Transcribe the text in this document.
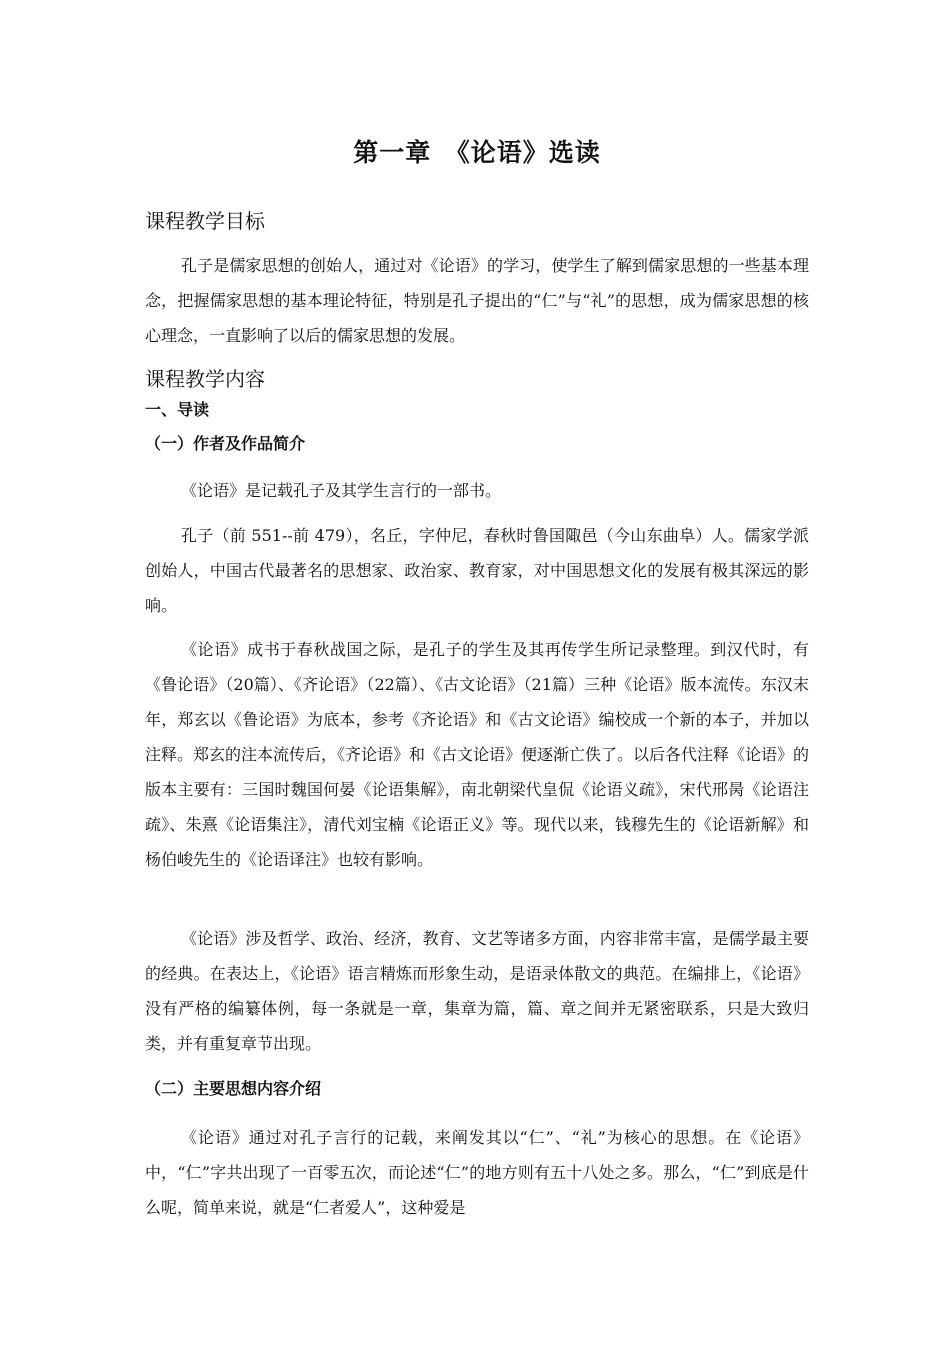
第一章　《论语》选读
课程教学目标

孔子是儒家思想的创始人，通过对《论语》的学习，使学生了解到儒家思想的一些基本理念，把握儒家思想的基本理论特征，特别是孔子提出的“仁”与“礼”的思想，成为儒家思想的核心理念，一直影响了以后的儒家思想的发展。

课程教学内容
一、导读
（一）作者及作品简介

《论语》是记载孔子及其学生言行的一部书。

孔子（前 551--前 479），名丘，字仲尼，春秋时鲁国陬邑（今山东曲阜）人。儒家学派创始人，中国古代最著名的思想家、政治家、教育家，对中国思想文化的发展有极其深远的影响。

《论语》成书于春秋战国之际，是孔子的学生及其再传学生所记录整理。到汉代时，有《鲁论语》（20篇）、《齐论语》（22篇）、《古文论语》（21篇）三种《论语》版本流传。东汉末年，郑玄以《鲁论语》为底本，参考《齐论语》和《古文论语》编校成一个新的本子，并加以注释。郑玄的注本流传后，《齐论语》和《古文论语》便逐渐亡佚了。以后各代注释《论语》的版本主要有：三国时魏国何晏《论语集解》，南北朝梁代皇侃《论语义疏》，宋代邢昺《论语注疏》、朱熹《论语集注》，清代刘宝楠《论语正义》等。现代以来，钱穆先生的《论语新解》和杨伯峻先生的《论语译注》也较有影响。

《论语》涉及哲学、政治、经济，教育、文艺等诸多方面，内容非常丰富，是儒学最主要的经典。在表达上，《论语》语言精炼而形象生动，是语录体散文的典范。在编排上，《论语》没有严格的编纂体例，每一条就是一章，集章为篇，篇、章之间并无紧密联系，只是大致归类，并有重复章节出现。

（二）主要思想内容介绍

《论语》通过对孔子言行的记载，来阐发其以“仁”、“礼”为核心的思想。在《论语》中，“仁”字共出现了一百零五次，而论述“仁”的地方则有五十八处之多。那么，“仁”到底是什么呢，简单来说，就是“仁者爱人”，这种爱是
